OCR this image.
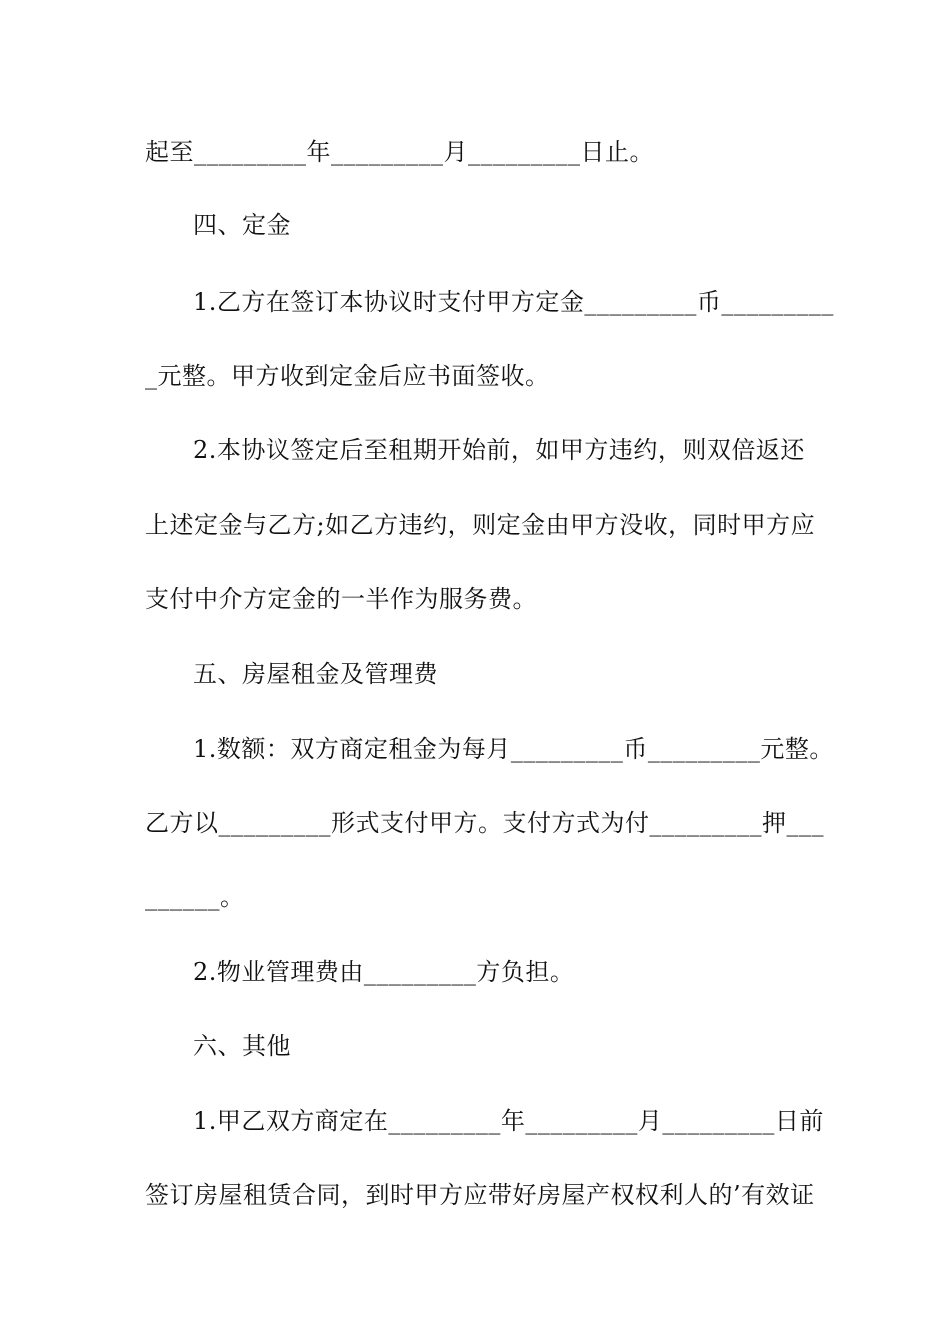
起至_________年_________月_________日止。
四、定金
1.乙方在签订本协议时支付甲方定金_________币_________
_元整。甲方收到定金后应书面签收。
2.本协议签定后至租期开始前，如甲方违约，则双倍返还
上述定金与乙方;如乙方违约，则定金由甲方没收，同时甲方应
支付中介方定金的一半作为服务费。
五、房屋租金及管理费
1.数额：双方商定租金为每月_________币_________元整。
乙方以_________形式支付甲方。支付方式为付_________押___
______。
2.物业管理费由_________方负担。
六、其他
1.甲乙双方商定在_________年_________月_________日前
签订房屋租赁合同，到时甲方应带好房屋产权权利人的’有效证
